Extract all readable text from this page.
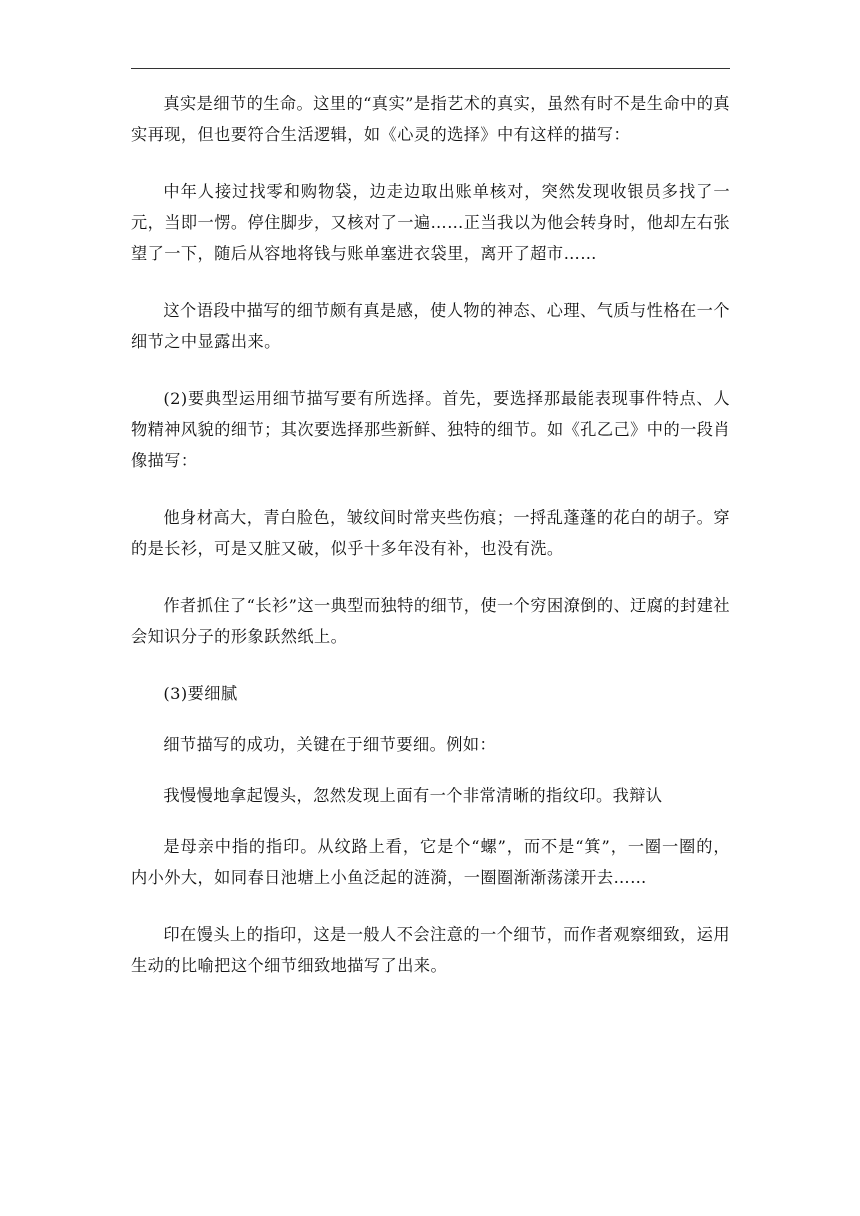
真实是细节的生命。这里的“真实”是指艺术的真实，虽然有时不是生命中的真实再现，但也要符合生活逻辑，如《心灵的选择》中有这样的描写：

中年人接过找零和购物袋，边走边取出账单核对，突然发现收银员多找了一元，当即一愣。停住脚步，又核对了一遍……正当我以为他会转身时，他却左右张望了一下，随后从容地将钱与账单塞进衣袋里，离开了超市……

这个语段中描写的细节颇有真是感，使人物的神态、心理、气质与性格在一个细节之中显露出来。

(2)要典型运用细节描写要有所选择。首先，要选择那最能表现事件特点、人物精神风貌的细节；其次要选择那些新鲜、独特的细节。如《孔乙己》中的一段肖像描写：

他身材高大，青白脸色，皱纹间时常夹些伤痕；一捋乱蓬蓬的花白的胡子。穿的是长衫，可是又脏又破，似乎十多年没有补，也没有洗。

作者抓住了“长衫”这一典型而独特的细节，使一个穷困潦倒的、迂腐的封建社会知识分子的形象跃然纸上。

(3)要细腻

细节描写的成功，关键在于细节要细。例如：

我慢慢地拿起馒头，忽然发现上面有一个非常清晰的指纹印。我辩认

是母亲中指的指印。从纹路上看，它是个“螺”，而不是“箕”，一圈一圈的，内小外大，如同春日池塘上小鱼泛起的涟漪，一圈圈渐渐荡漾开去……

印在馒头上的指印，这是一般人不会注意的一个细节，而作者观察细致，运用生动的比喻把这个细节细致地描写了出来。
